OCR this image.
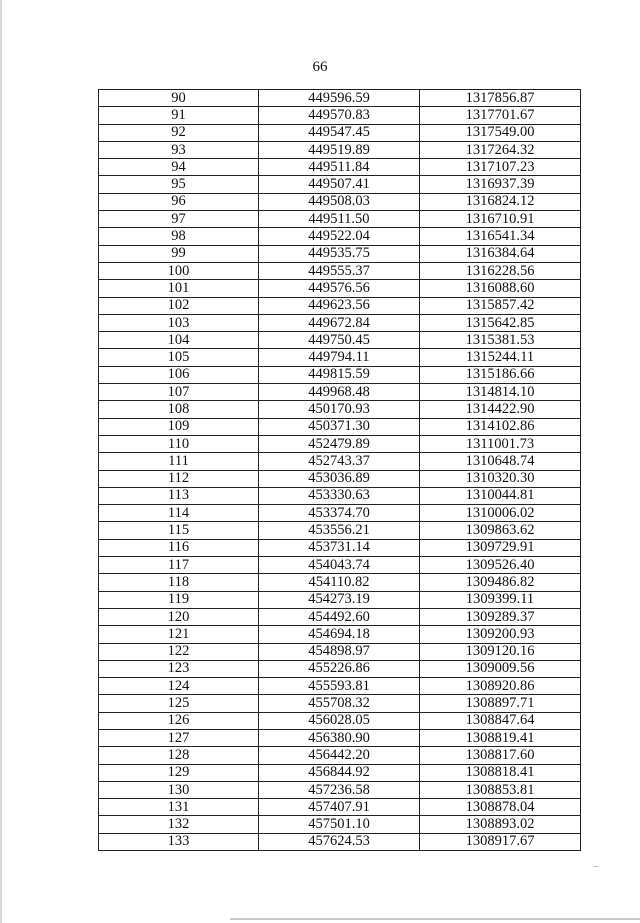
66
90	449596.59	1317856.87
91	449570.83	1317701.67
92	449547.45	1317549.00
93	449519.89	1317264.32
94	449511.84	1317107.23
95	449507.41	1316937.39
96	449508.03	1316824.12
97	449511.50	1316710.91
98	449522.04	1316541.34
99	449535.75	1316384.64
100	449555.37	1316228.56
101	449576.56	1316088.60
102	449623.56	1315857.42
103	449672.84	1315642.85
104	449750.45	1315381.53
105	449794.11	1315244.11
106	449815.59	1315186.66
107	449968.48	1314814.10
108	450170.93	1314422.90
109	450371.30	1314102.86
110	452479.89	1311001.73
111	452743.37	1310648.74
112	453036.89	1310320.30
113	453330.63	1310044.81
114	453374.70	1310006.02
115	453556.21	1309863.62
116	453731.14	1309729.91
117	454043.74	1309526.40
118	454110.82	1309486.82
119	454273.19	1309399.11
120	454492.60	1309289.37
121	454694.18	1309200.93
122	454898.97	1309120.16
123	455226.86	1309009.56
124	455593.81	1308920.86
125	455708.32	1308897.71
126	456028.05	1308847.64
127	456380.90	1308819.41
128	456442.20	1308817.60
129	456844.92	1308818.41
130	457236.58	1308853.81
131	457407.91	1308878.04
132	457501.10	1308893.02
133	457624.53	1308917.67
